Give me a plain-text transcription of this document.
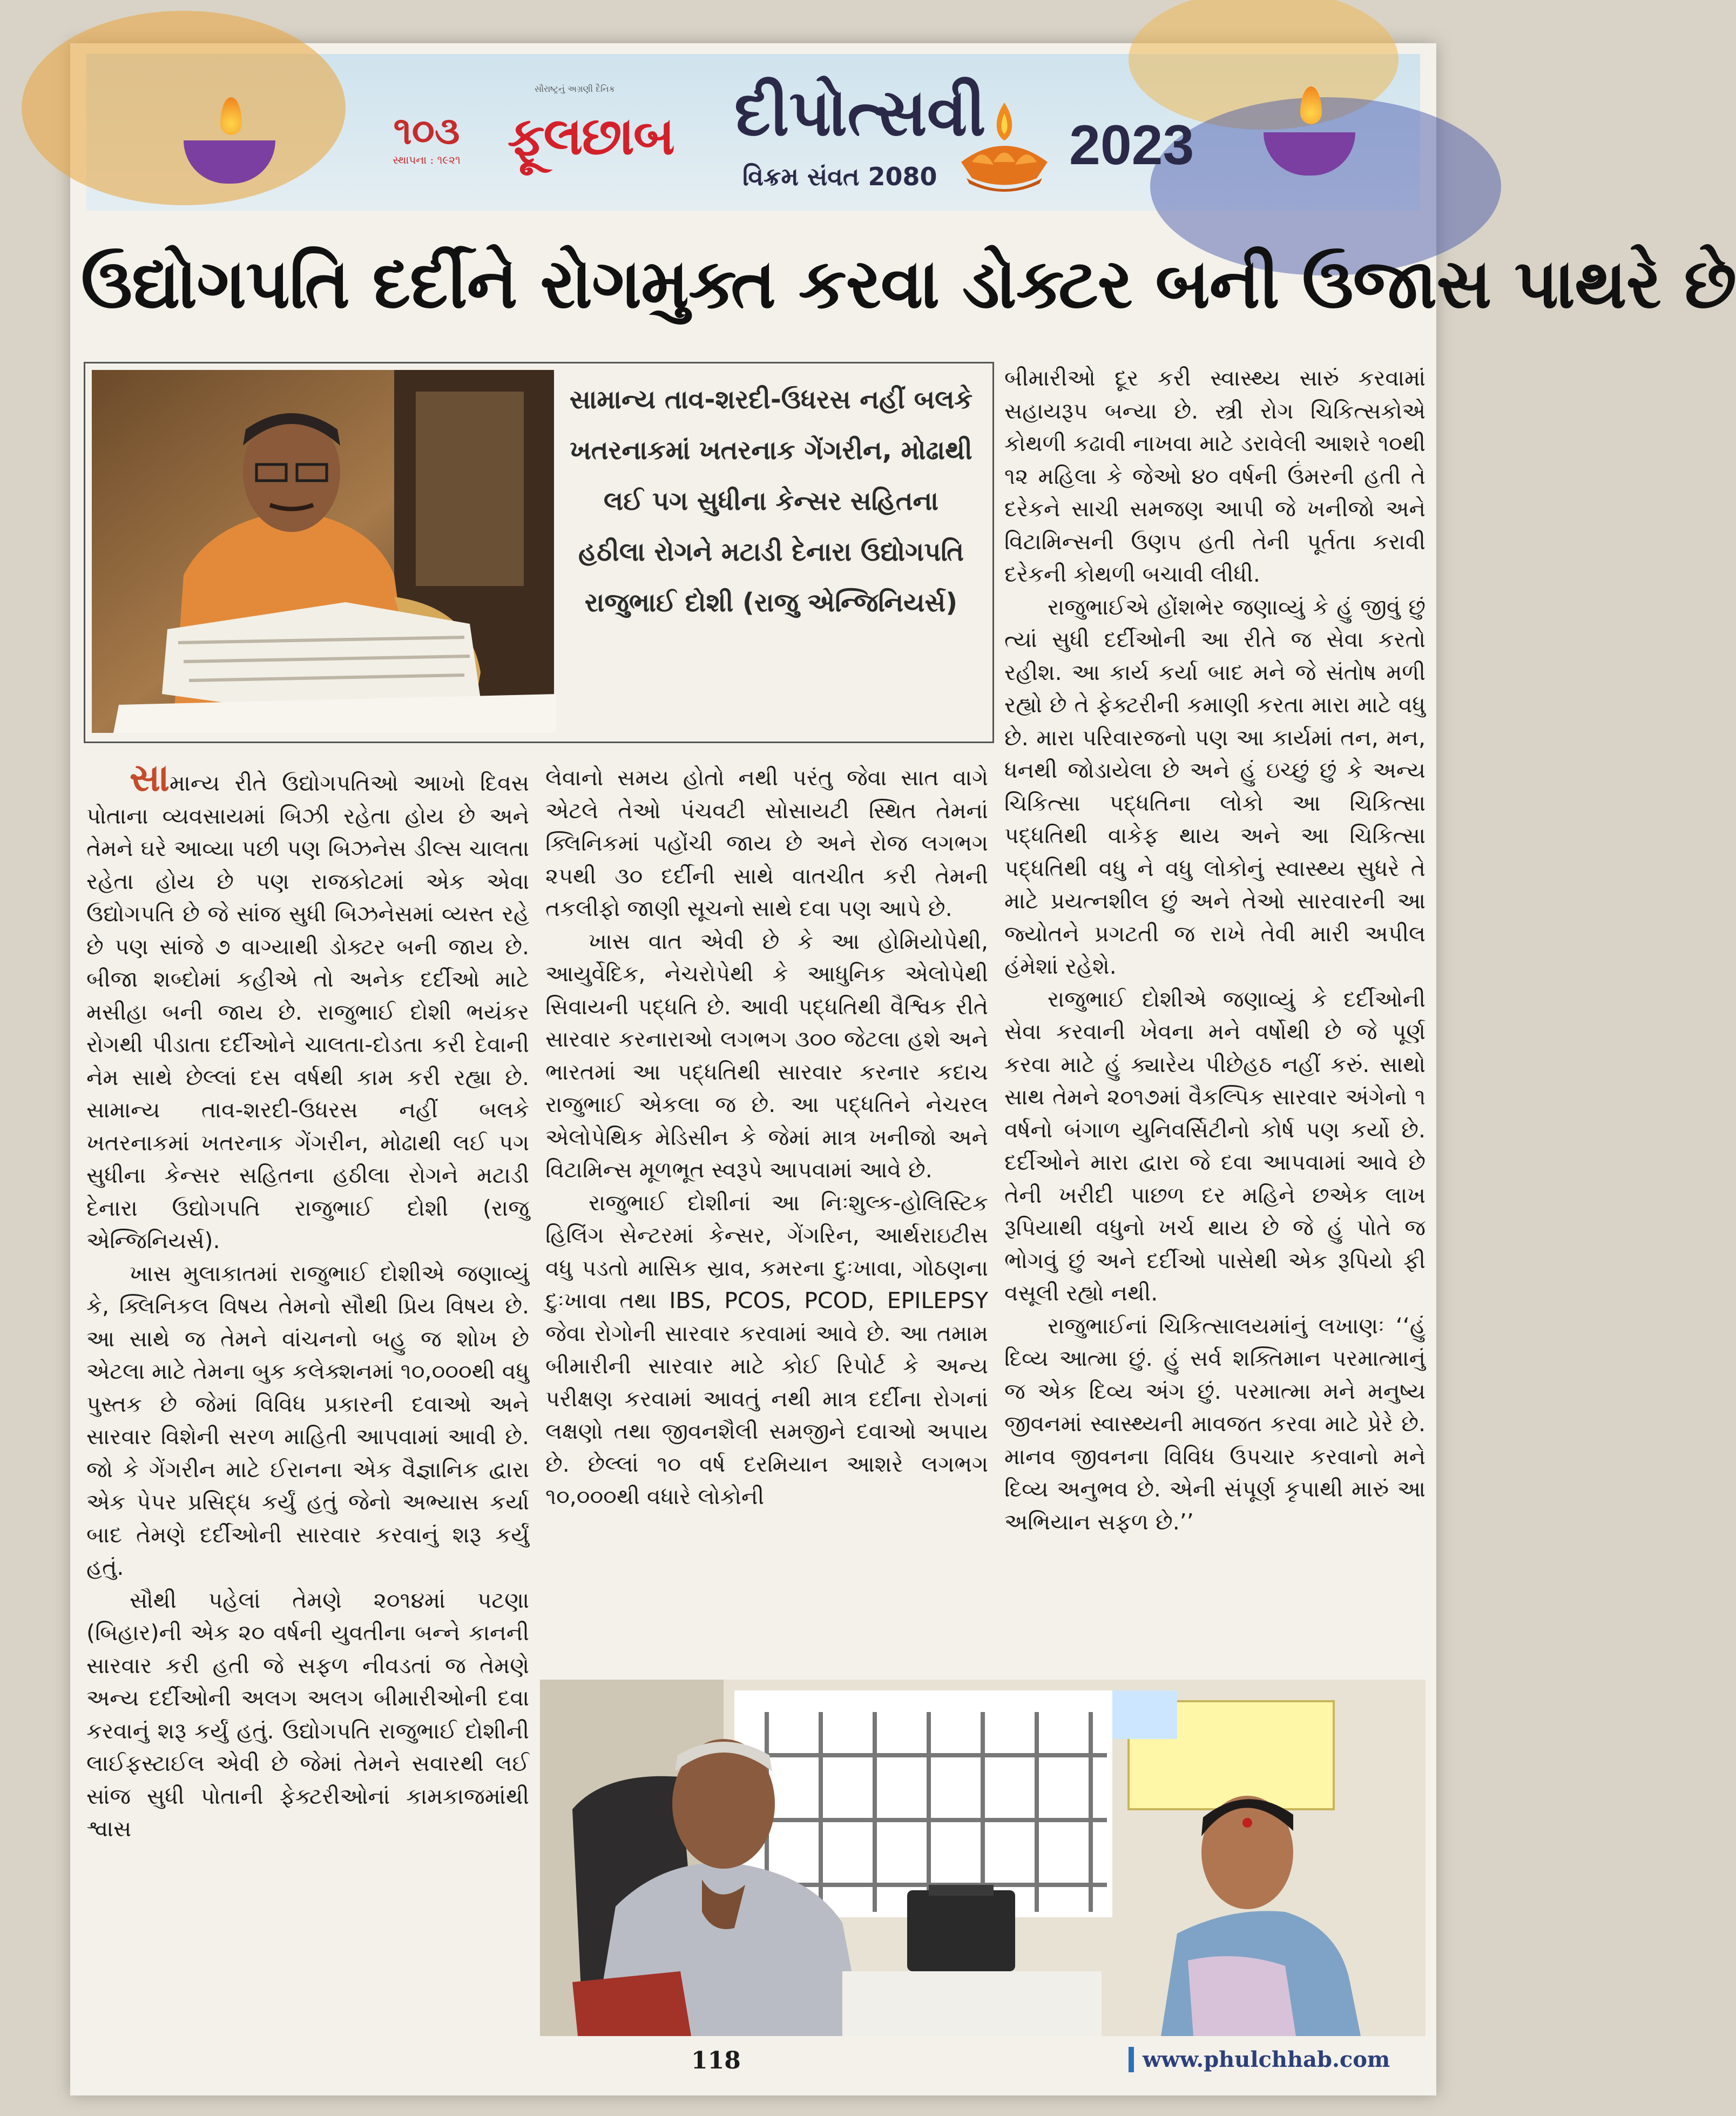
૧૦૩
સ્થાપના : ૧૯૨૧
સૌરાષ્ટ્રનું અગ્રણી દૈનિક
ફૂલછાબ દીપોત્સવી
વિક્રમ સંવત 2080 2023
ઉદ્યોગપતિ દર્દીને રોગમુક્ત કરવા ડોક્ટર બની ઉજાસ પાથરે છે
સામાન્ય તાવ-શરદી-ઉધરસ નહીં બલકે ખતરનાકમાં ખતરનાક ગેંગરીન, મોઢાથી લઈ પગ સુધીના કેન્સર સહિતના હઠીલા રોગને મટાડી દેનારા ઉદ્યોગપતિ રાજુભાઈ દોશી (રાજુ એન્જિનિયર્સ)

સામાન્ય રીતે ઉદ્યોગપતિઓ આખો દિવસ પોતાના વ્યવસાયમાં બિઝી રહેતા હોય છે અને તેમને ઘરે આવ્યા પછી પણ બિઝનેસ ડીલ્સ ચાલતા રહેતા હોય છે પણ રાજકોટમાં એક એવા ઉદ્યોગપતિ છે જે સાંજ સુધી બિઝનેસમાં વ્યસ્ત રહે છે પણ સાંજે ૭ વાગ્યાથી ડોક્ટર બની જાય છે. બીજા શબ્દોમાં કહીએ તો અનેક દર્દીઓ માટે મસીહા બની જાય છે. રાજુભાઈ દોશી ભયંકર રોગથી પીડાતા દર્દીઓને ચાલતા-દોડતા કરી દેવાની નેમ સાથે છેલ્લાં દસ વર્ષથી કામ કરી રહ્યા છે. સામાન્ય તાવ-શરદી-ઉધરસ નહીં બલકે ખતરનાકમાં ખતરનાક ગેંગરીન, મોઢાથી લઈ પગ સુધીના કેન્સર સહિતના હઠીલા રોગને મટાડી દેનારા ઉદ્યોગપતિ રાજુભાઈ દોશી (રાજુ એન્જિનિયર્સ).

ખાસ મુલાકાતમાં રાજુભાઈ દોશીએ જણાવ્યું કે, ક્લિનિકલ વિષય તેમનો સૌથી પ્રિય વિષય છે. આ સાથે જ તેમને વાંચનનો બહુ જ શોખ છે એટલા માટે તેમના બુક કલેક્શનમાં ૧૦,૦૦૦થી વધુ પુસ્તક છે જેમાં વિવિધ પ્રકારની દવાઓ અને સારવાર વિશેની સરળ માહિતી આપવામાં આવી છે. જો કે ગેંગરીન માટે ઈરાનના એક વૈજ્ઞાનિક દ્વારા એક પેપર પ્રસિદ્ધ કર્યું હતું જેનો અભ્યાસ કર્યા બાદ તેમણે દર્દીઓની સારવાર કરવાનું શરૂ કર્યું હતું.

સૌથી પહેલાં તેમણે ૨૦૧૪માં પટણા (બિહાર)ની એક ૨૦ વર્ષની યુવતીના બન્ને કાનની સારવાર કરી હતી જે સફળ નીવડતાં જ તેમણે અન્ય દર્દીઓની અલગ અલગ બીમારીઓની દવા કરવાનું શરૂ કર્યું હતું. ઉદ્યોગપતિ રાજુભાઈ દોશીની લાઈફસ્ટાઈલ એવી છે જેમાં તેમને સવારથી લઈ સાંજ સુધી પોતાની ફેક્ટરીઓનાં કામકાજમાંથી શ્વાસ

લેવાનો સમય હોતો નથી પરંતુ જેવા સાત વાગે એટલે તેઓ પંચવટી સોસાયટી સ્થિત તેમનાં ક્લિનિકમાં પહોંચી જાય છે અને રોજ લગભગ ૨૫થી ૩૦ દર્દીની સાથે વાતચીત કરી તેમની તકલીફો જાણી સૂચનો સાથે દવા પણ આપે છે.

ખાસ વાત એવી છે કે આ હોમિયોપેથી, આયુર્વેદિક, નેચરોપેથી કે આધુનિક એલોપેથી સિવાયની પદ્ધતિ છે. આવી પદ્ધતિથી વૈશ્વિક રીતે સારવાર કરનારાઓ લગભગ ૩૦૦ જેટલા હશે અને ભારતમાં આ પદ્ધતિથી સારવાર કરનાર કદાચ રાજુભાઈ એકલા જ છે. આ પદ્ધતિને નેચરલ એલોપેથિક મેડિસીન કે જેમાં માત્ર ખનીજો અને વિટામિન્સ મૂળભૂત સ્વરૂપે આપવામાં આવે છે.

રાજુભાઈ દોશીનાં આ નિઃશુલ્ક-હોલિસ્ટિક હિલિંગ સેન્ટરમાં કેન્સર, ગેંગરિન, આર્થરાઇટીસ વધુ પડતો માસિક સ્રાવ, કમરના દુઃખાવા, ગોઠણના દુઃખાવા તથા IBS, PCOS, PCOD, EPILEPSY જેવા રોગોની સારવાર કરવામાં આવે છે. આ તમામ બીમારીની સારવાર માટે કોઈ રિપોર્ટ કે અન્ય પરીક્ષણ કરવામાં આવતું નથી માત્ર દર્દીના રોગનાં લક્ષણો તથા જીવનશૈલી સમજીને દવાઓ અપાય છે. છેલ્લાં ૧૦ વર્ષ દરમિયાન આશરે લગભગ ૧૦,૦૦૦થી વધારે લોકોની

બીમારીઓ દૂર કરી સ્વાસ્થ્ય સારું કરવામાં સહાયરૂપ બન્યા છે. સ્ત્રી રોગ ચિકિત્સકોએ કોથળી કઢાવી નાખવા માટે ડરાવેલી આશરે ૧૦થી ૧૨ મહિલા કે જેઓ ૪૦ વર્ષની ઉંમરની હતી તે દરેકને સાચી સમજણ આપી જે ખનીજો અને વિટામિન્સની ઉણપ હતી તેની પૂર્તતા કરાવી દરેકની કોથળી બચાવી લીધી.

રાજુભાઈએ હોંશભેર જણાવ્યું કે હું જીવું છું ત્યાં સુધી દર્દીઓની આ રીતે જ સેવા કરતો રહીશ. આ કાર્ય કર્યા બાદ મને જે સંતોષ મળી રહ્યો છે તે ફેક્ટરીની કમાણી કરતા મારા માટે વધુ છે. મારા પરિવારજનો પણ આ કાર્યમાં તન, મન, ધનથી જોડાયેલા છે અને હું ઇચ્છું છું કે અન્ય ચિકિત્સા પદ્ધતિના લોકો આ ચિકિત્સા પદ્ધતિથી વાકેફ થાય અને આ ચિકિત્સા પદ્ધતિથી વધુ ને વધુ લોકોનું સ્વાસ્થ્ય સુધરે તે માટે પ્રયત્નશીલ છું અને તેઓ સારવારની આ જ્યોતને પ્રગટતી જ રાખે તેવી મારી અપીલ હંમેશાં રહેશે.

રાજુભાઈ દોશીએ જણાવ્યું કે દર્દીઓની સેવા કરવાની ખેવના મને વર્ષોથી છે જે પૂર્ણ કરવા માટે હું ક્યારેય પીછેહઠ નહીં કરું. સાથો સાથ તેમને ૨૦૧૭માં વૈકલ્પિક સારવાર અંગેનો ૧ વર્ષનો બંગાળ યુનિવર્સિટીનો કોર્ષ પણ કર્યો છે. દર્દીઓને મારા દ્વારા જે દવા આપવામાં આવે છે તેની ખરીદી પાછળ દર મહિને છએક લાખ રૂપિયાથી વધુનો ખર્ચ થાય છે જે હું પોતે જ ભોગવું છું અને દર્દીઓ પાસેથી એક રૂપિયો ફી વસૂલી રહ્યો નથી.

રાજુભાઈનાં ચિકિત્સાલયમાંનું લખાણઃ ‘‘હું દિવ્ય આત્મા છું. હું સર્વ શક્તિમાન પરમાત્માનું જ એક દિવ્ય અંગ છું. પરમાત્મા મને મનુષ્ય જીવનમાં સ્વાસ્થ્યની માવજત કરવા માટે પ્રેરે છે. માનવ જીવનના વિવિધ ઉપચાર કરવાનો મને દિવ્ય અનુભવ છે. એની સંપૂર્ણ કૃપાથી મારું આ અભિયાન સફળ છે.’’

118	www.phulchhab.com
